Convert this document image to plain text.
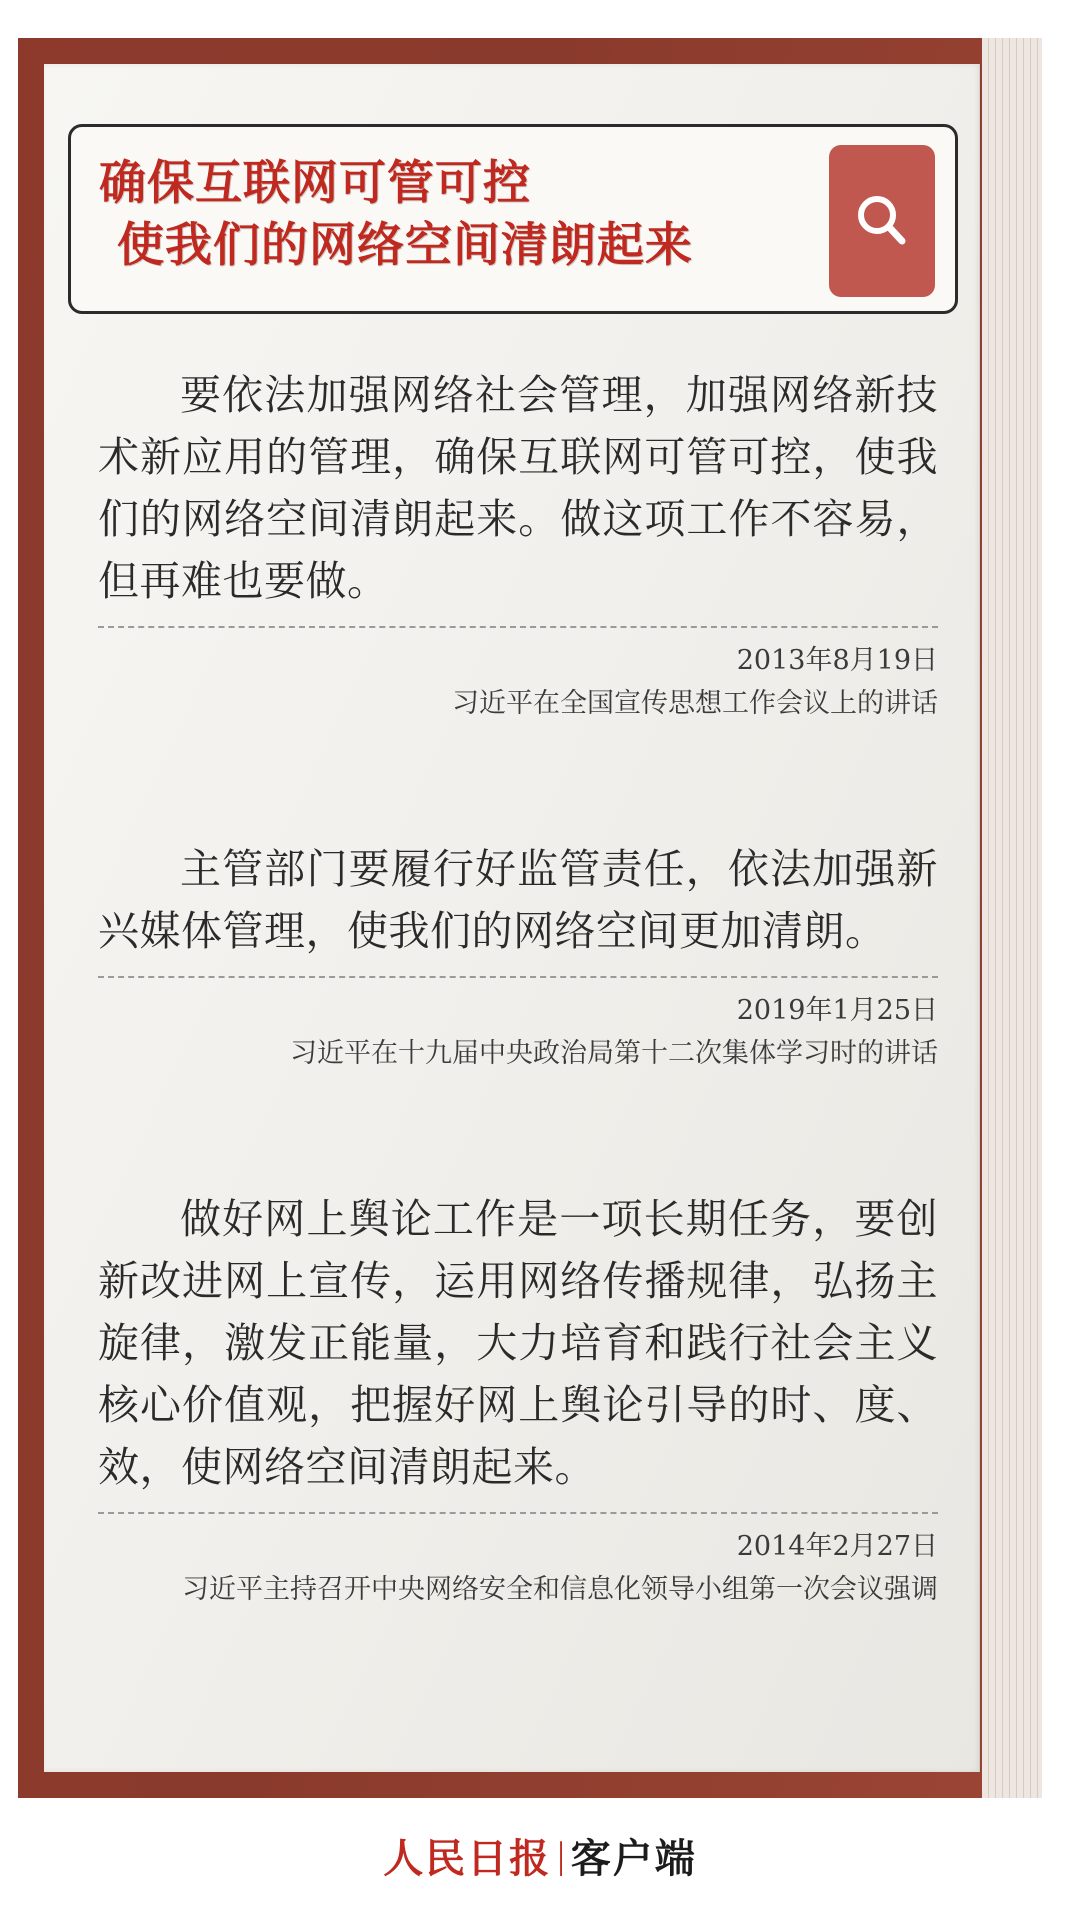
确保互联网可管可控
使我们的网络空间清朗起来
要依法加强网络社会管理，加强网络新技术新应用的管理，确保互联网可管可控，使我们的网络空间清朗起来。做这项工作不容易，但再难也要做。
2013年8月19日
习近平在全国宣传思想工作会议上的讲话
主管部门要履行好监管责任，依法加强新兴媒体管理，使我们的网络空间更加清朗。
2019年1月25日
习近平在十九届中央政治局第十二次集体学习时的讲话
做好网上舆论工作是一项长期任务，要创新改进网上宣传，运用网络传播规律，弘扬主旋律，激发正能量，大力培育和践行社会主义核心价值观，把握好网上舆论引导的时、度、效，使网络空间清朗起来。
2014年2月27日
习近平主持召开中央网络安全和信息化领导小组第一次会议强调
人民日报 | 客户端
